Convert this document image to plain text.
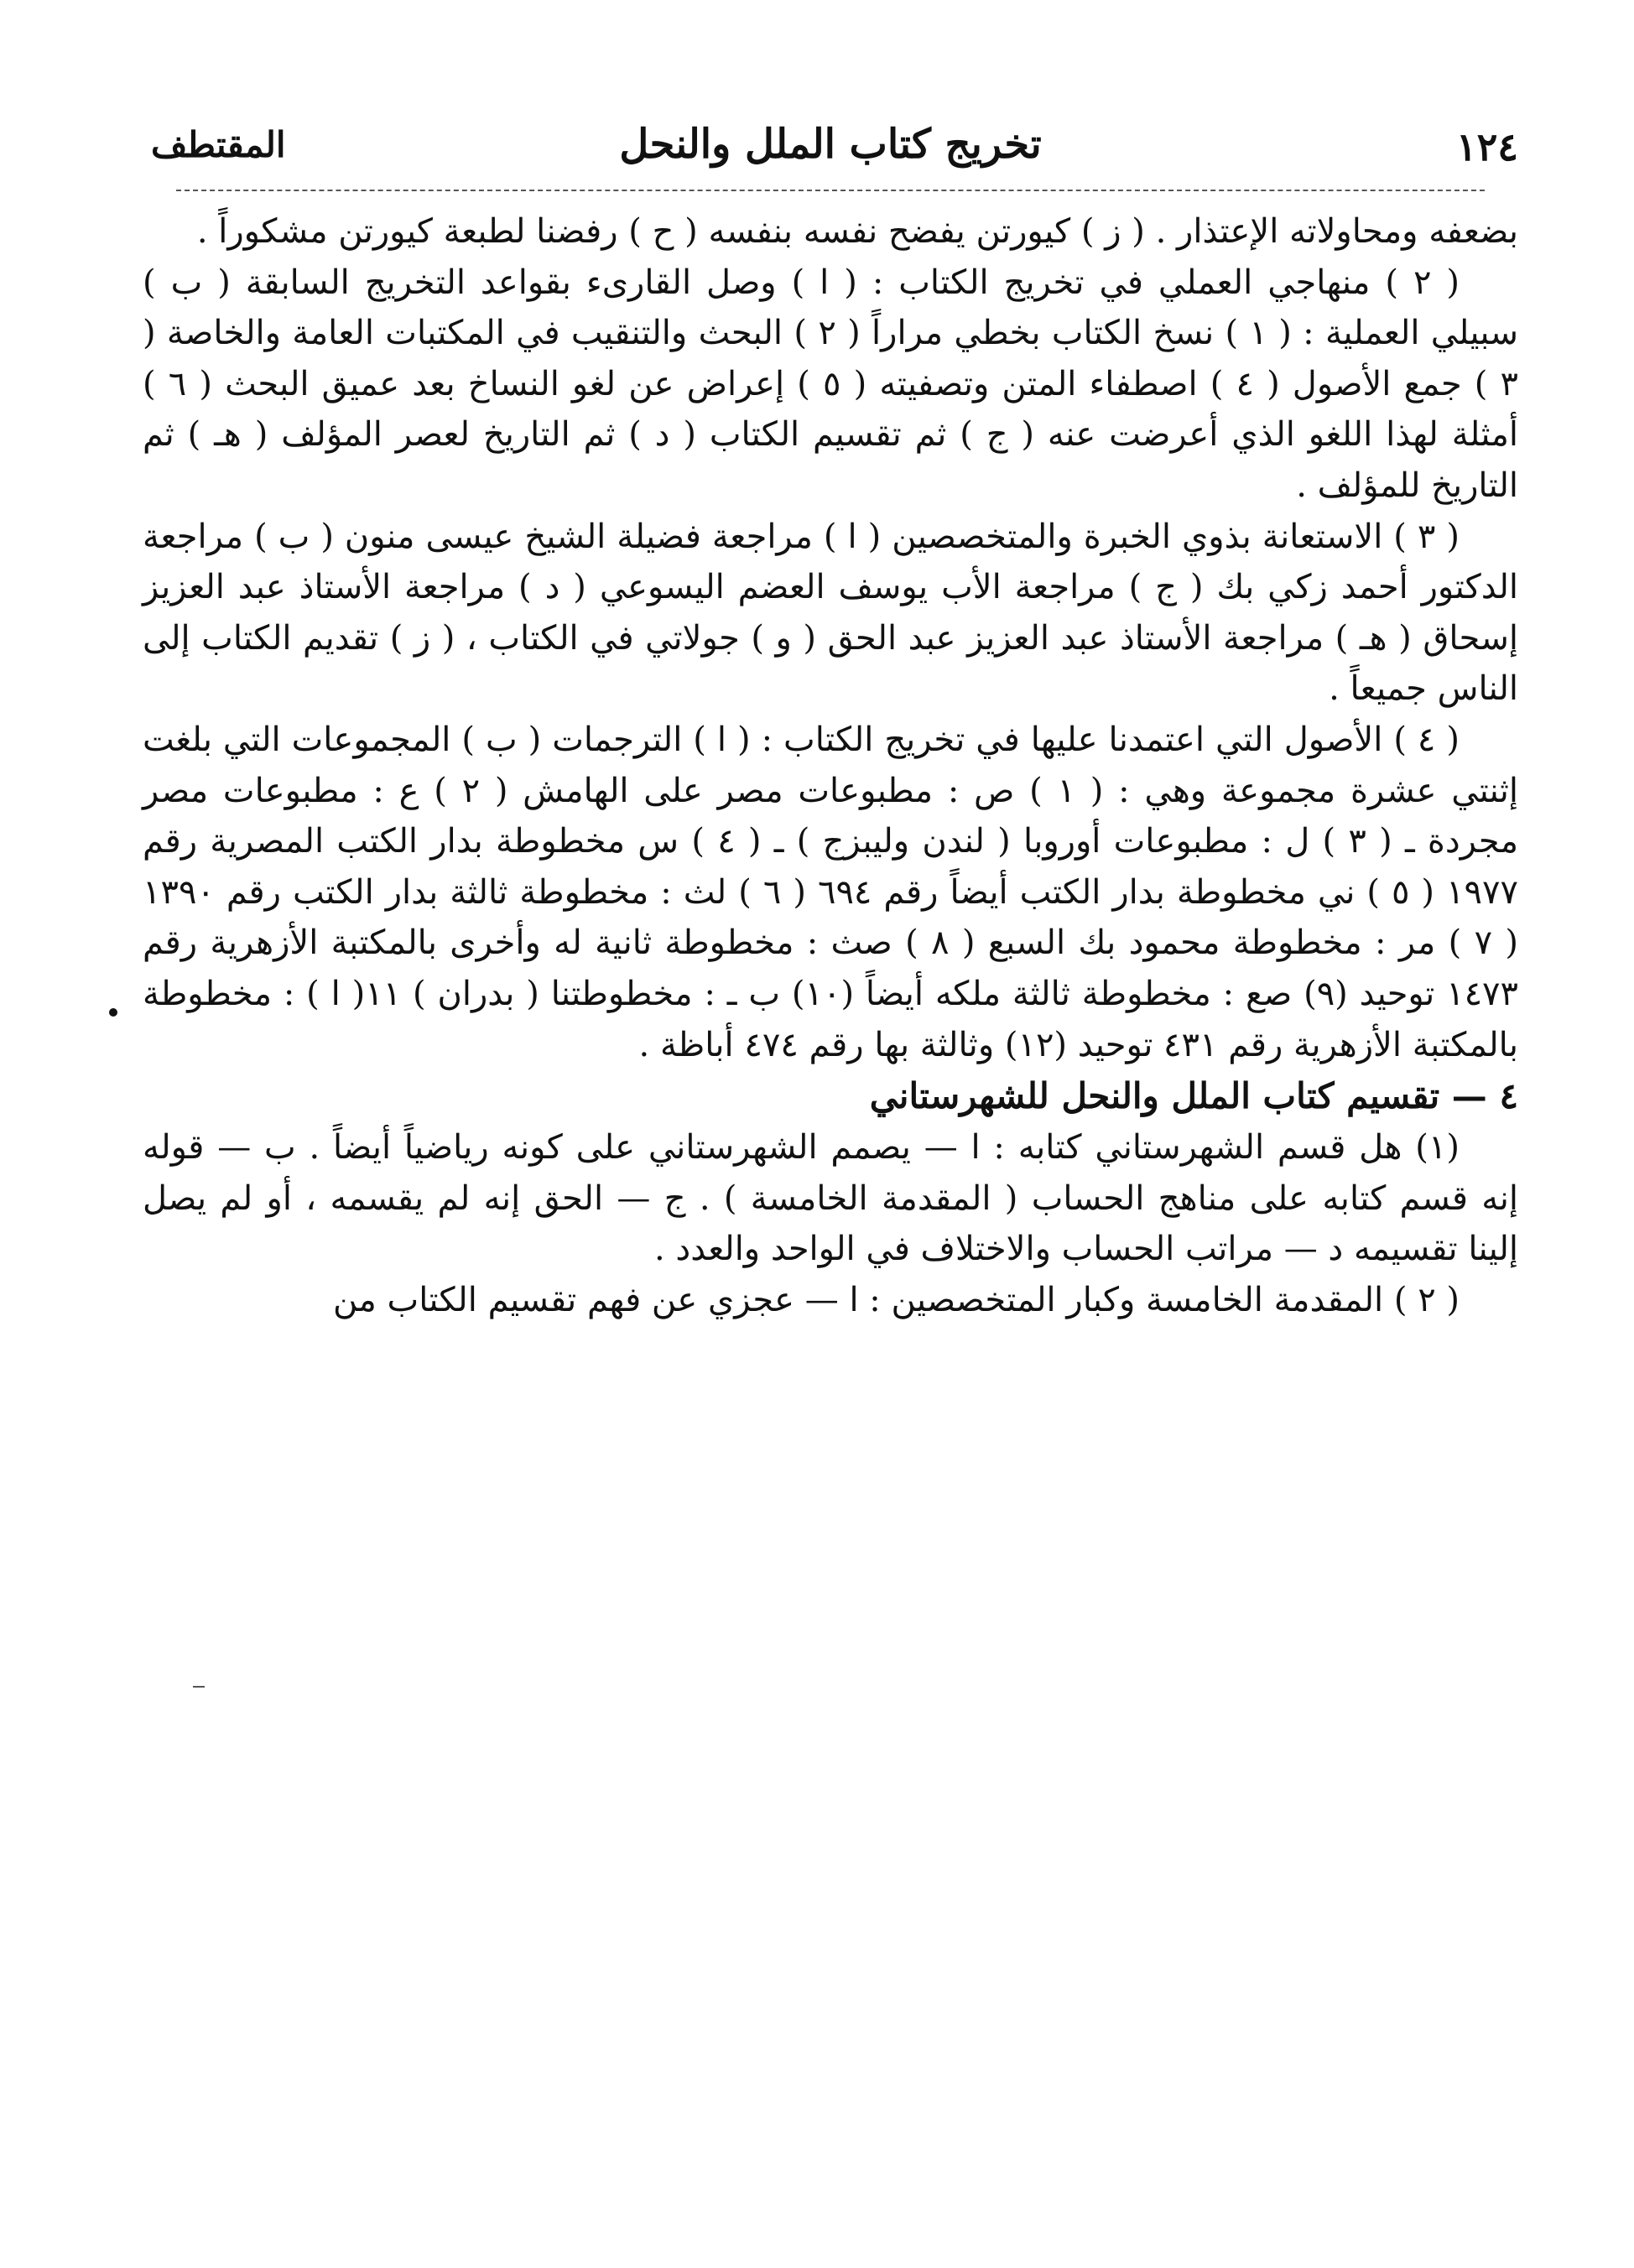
١٢٤
تخريج كتاب الملل والنحل
المقتطف

بضعفه ومحاولاته الإعتذار . ( ز ) كيورتن يفضح نفسه بنفسه ( ح ) رفضنا لطبعة كيورتن مشكوراً .

( ٢ ) منهاجي العملي في تخريج الكتاب : ( ا ) وصل القارىء بقواعد التخريج السابقة ( ب ) سبيلي العملية : ( ١ ) نسخ الكتاب بخطي مراراً ( ٢ ) البحث والتنقيب في المكتبات العامة والخاصة ( ٣ ) جمع الأصول ( ٤ ) اصطفاء المتن وتصفيته ( ٥ ) إعراض عن لغو النساخ بعد عميق البحث ( ٦ ) أمثلة لهذا اللغو الذي أعرضت عنه ( ج ) ثم تقسيم الكتاب ( د ) ثم التاريخ لعصر المؤلف ( هـ ) ثم التاريخ للمؤلف .

( ٣ ) الاستعانة بذوي الخبرة والمتخصصين ( ا ) مراجعة فضيلة الشيخ عيسى منون ( ب ) مراجعة الدكتور أحمد زكي بك ( ج ) مراجعة الأب يوسف العضم اليسوعي ( د ) مراجعة الأستاذ عبد العزيز إسحاق ( هـ ) مراجعة الأستاذ عبد العزيز عبد الحق ( و ) جولاتي في الكتاب ، ( ز ) تقديم الكتاب إلى الناس جميعاً .

( ٤ ) الأصول التي اعتمدنا عليها في تخريج الكتاب : ( ا ) الترجمات ( ب ) المجموعات التي بلغت إثنتي عشرة مجموعة وهي : ( ١ ) ص : مطبوعات مصر على الهامش ( ٢ ) ع : مطبوعات مصر مجردة ـ ( ٣ ) ل : مطبوعات أوروبا ( لندن وليبزج ) ـ ( ٤ ) س مخطوطة بدار الكتب المصرية رقم ١٩٧٧ ( ٥ ) ني مخطوطة بدار الكتب أيضاً رقم ٦٩٤ ( ٦ ) لث : مخطوطة ثالثة بدار الكتب رقم ١٣٩٠ ( ٧ ) مر : مخطوطة محمود بك السبع ( ٨ ) صث : مخطوطة ثانية له وأخرى بالمكتبة الأزهرية رقم ١٤٧٣ توحيد (٩) صع : مخطوطة ثالثة ملكه أيضاً (١٠) ب ـ : مخطوطتنا ( بدران ) ١١( ا ) : مخطوطة بالمكتبة الأزهرية رقم ٤٣١ توحيد (١٢) وثالثة بها رقم ٤٧٤ أباظة .

٤ — تقسيم كتاب الملل والنحل للشهرستاني

(١) هل قسم الشهرستاني كتابه : ا — يصمم الشهرستاني على كونه رياضياً أيضاً . ب — قوله إنه قسم كتابه على مناهج الحساب ( المقدمة الخامسة ) . ج — الحق إنه لم يقسمه ، أو لم يصل إلينا تقسيمه د — مراتب الحساب والاختلاف في الواحد والعدد .

( ٢ ) المقدمة الخامسة وكبار المتخصصين : ا — عجزي عن فهم تقسيم الكتاب من
